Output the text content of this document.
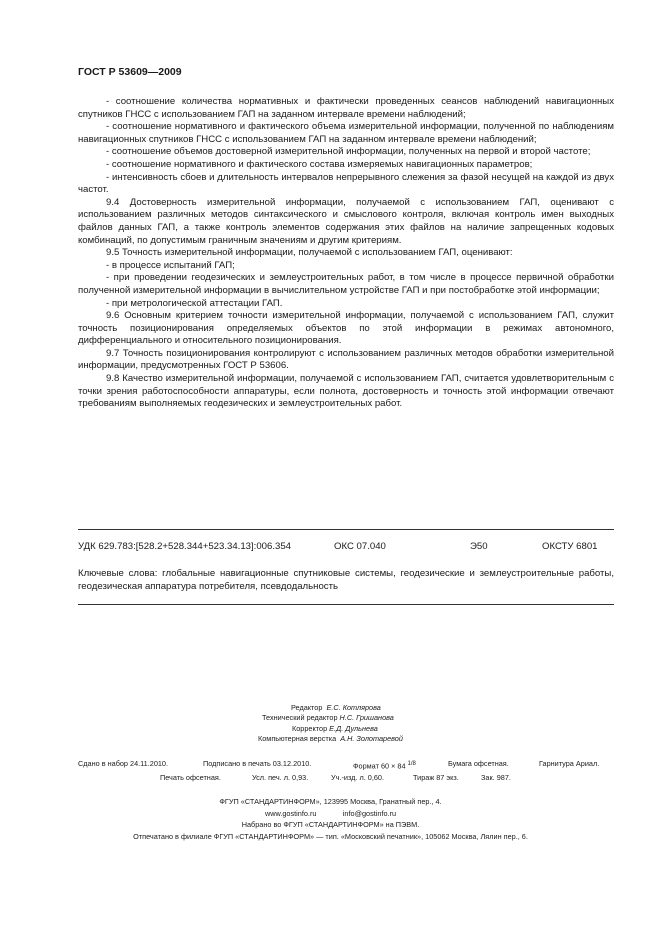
ГОСТ Р 53609—2009

- соотношение количества нормативных и фактически проведенных сеансов наблюдений навигационных спутников ГНСС с использованием ГАП на заданном интервале времени наблюдений;

- соотношение нормативного и фактического объема измерительной информации, полученной по наблюдениям навигационных спутников ГНСС с использованием ГАП на заданном интервале времени наблюдений;

- соотношение объемов достоверной измерительной информации, полученных на первой и второй частоте;

- соотношение нормативного и фактического состава измеряемых навигационных параметров;

- интенсивность сбоев и длительность интервалов непрерывного слежения за фазой несущей на каждой из двух частот.

9.4 Достоверность измерительной информации, получаемой с использованием ГАП, оценивают с использованием различных методов синтаксического и смыслового контроля, включая контроль имен выходных файлов данных ГАП, а также контроль элементов содержания этих файлов на наличие запрещенных кодовых комбинаций, по допустимым граничным значениям и другим критериям.

9.5 Точность измерительной информации, получаемой с использованием ГАП, оценивают:

- в процессе испытаний ГАП;

- при проведении геодезических и землеустроительных работ, в том числе в процессе первичной обработки полученной измерительной информации в вычислительном устройстве ГАП и при постобработке этой информации;

- при метрологической аттестации ГАП.

9.6 Основным критерием точности измерительной информации, получаемой с использованием ГАП, служит точность позиционирования определяемых объектов по этой информации в режимах автономного, дифференциального и относительного позиционирования.

9.7 Точность позиционирования контролируют с использованием различных методов обработки измерительной информации, предусмотренных ГОСТ Р 53606.

9.8 Качество измерительной информации, получаемой с использованием ГАП, считается удовлетворительным с точки зрения работоспособности аппаратуры, если полнота, достоверность и точность этой информации отвечают требованиям выполняемых геодезических и землеустроительных работ.

УДК 629.783:[528.2+528.344+523.34.13]:006.354	ОКС 07.040	Э50	ОКСТУ 6801
Ключевые слова: глобальные навигационные спутниковые системы, геодезические и землеустроительные работы, геодезическая аппаратура потребителя, псевдодальность
Редактор Е.С. Котлярова
Технический редактор Н.С. Гришанова
Корректор Е.Д. Дульнева
Компьютерная верстка А.Н. Золотаревой
Сдано в набор 24.11.2010.	Подписано в печать 03.12.2010.	Формат 60 × 84 $^{1/8}$	Бумага офсетная.	Гарнитура Ариал.
Печать офсетная.	Усл. печ. л. 0,93.	Уч.-изд. л. 0,60.	Тираж 87 экз.	Зак. 987.
ФГУП «СТАНДАРТИНФОРМ», 123995 Москва, Гранатный пер., 4.
www.gostinfo.ru	info@gostinfo.ru
Набрано во ФГУП «СТАНДАРТИНФОРМ» на ПЭВМ.
Отпечатано в филиале ФГУП «СТАНДАРТИНФОРМ» — тип. «Московский печатник», 105062 Москва, Лялин пер., 6.
